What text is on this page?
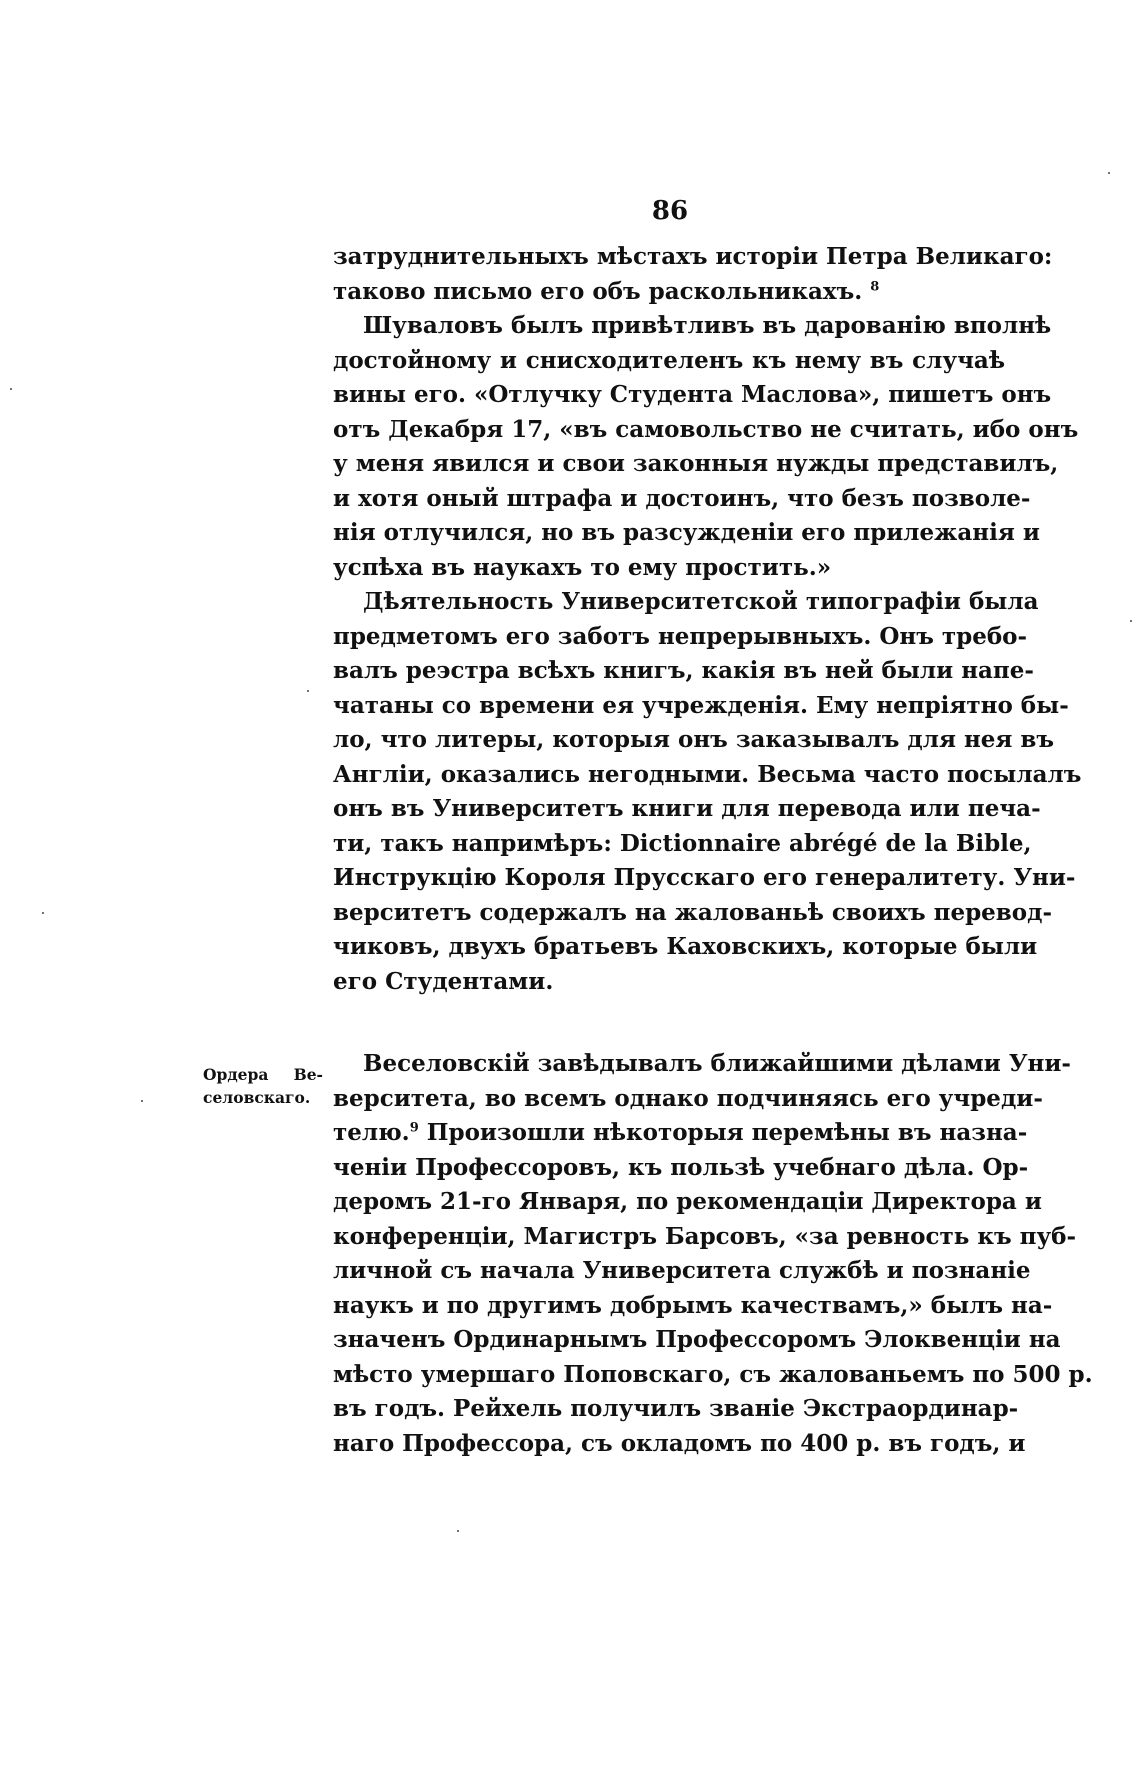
86
затруднительныхъ мѣстахъ исторіи Петра Великаго:
таково письмо его объ раскольникахъ. $^8$
Шуваловъ былъ привѣтливъ въ дарованію вполнѣ
достойному и снисходителенъ къ нему въ случаѣ
вины его. «Отлучку Студента Маслова», пишетъ онъ
отъ Декабря 17, «въ самовольство не считать, ибо онъ
у меня явился и свои законныя нужды представилъ,
и хотя оный штрафа и достоинъ, что безъ позволе-
нія отлучился, но въ разсужденіи его прилежанія и
успѣха въ наукахъ то ему простить.»
Дѣятельность Университетской типографіи была
предметомъ его заботъ непрерывныхъ. Онъ требо-
валъ реэстра всѣхъ книгъ, какія въ ней были напе-
чатаны со времени ея учрежденія. Ему непріятно бы-
ло, что литеры, которыя онъ заказывалъ для нея въ
Англіи, оказались негодными. Весьма часто посылалъ
онъ въ Университетъ книги для перевода или печа-
ти, такъ напримѣръ: Dictionnaire abrégé de la Bible,
Инструкцію Короля Прусскаго его генералитету. Уни-
верситетъ содержалъ на жалованьѣ своихъ перевод-
чиковъ, двухъ братьевъ Каховскихъ, которые были
его Студентами.
Ордера Ве-
селовскаго.
Веселовскій завѣдывалъ ближайшими дѣлами Уни-
верситета, во всемъ однако подчиняясь его учреди-
телю.$^9$ Произошли нѣкоторыя перемѣны въ назна-
ченіи Профессоровъ, къ пользѣ учебнаго дѣла. Ор-
деромъ 21-го Января, по рекомендаціи Директора и
конференціи, Магистръ Барсовъ, «за ревность къ пуб-
личной съ начала Университета службѣ и познаніе
наукъ и по другимъ добрымъ качествамъ,» былъ на-
значенъ Ординарнымъ Профессоромъ Элоквенціи на
мѣсто умершаго Поповскаго, съ жалованьемъ по 500 р.
въ годъ. Рейхель получилъ званіе Экстраординар-
наго Профессора, съ окладомъ по 400 р. въ годъ, и
